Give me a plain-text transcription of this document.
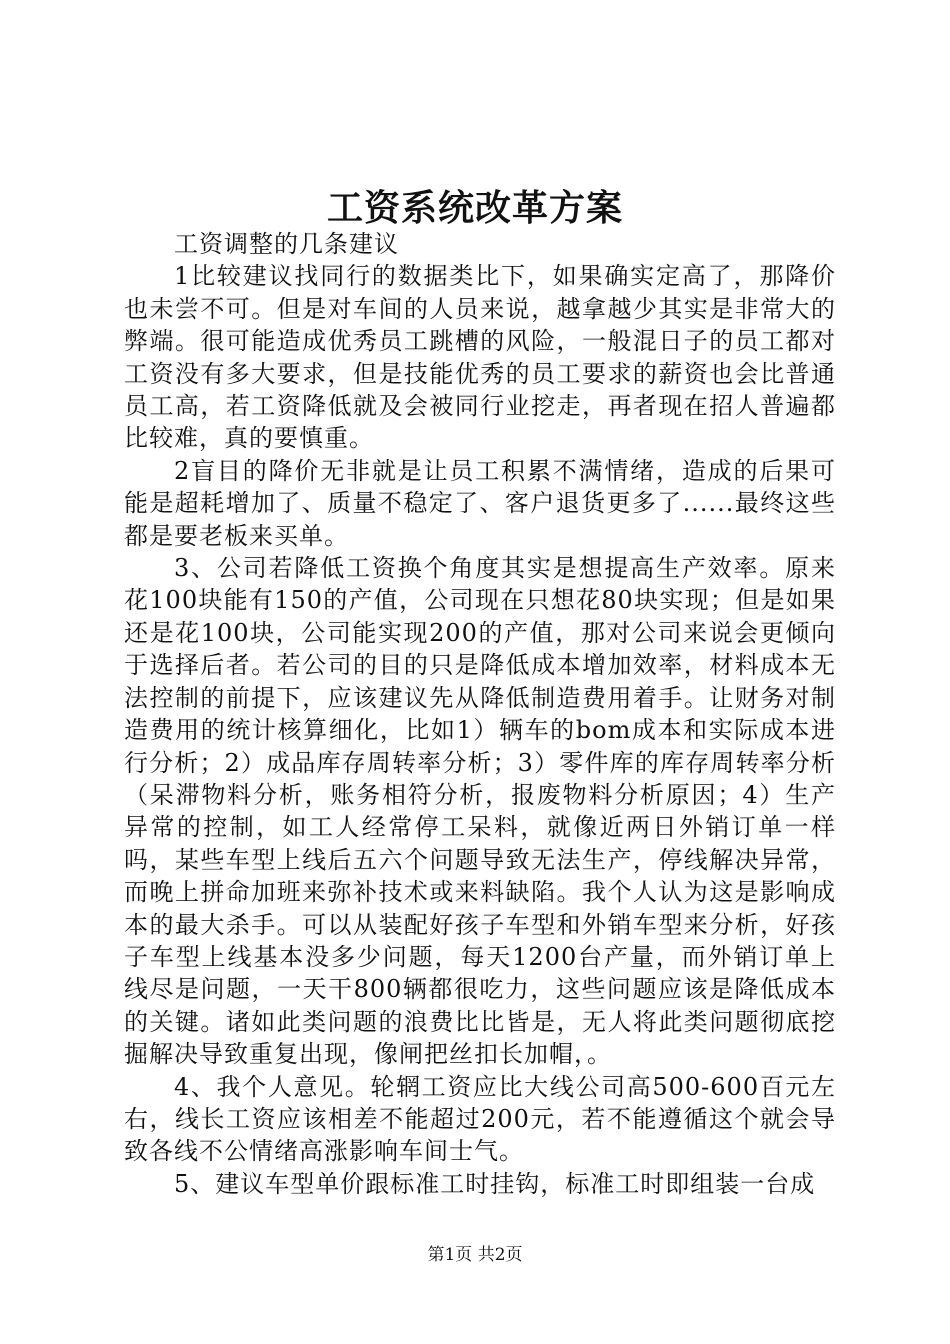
工资系统改革方案

工资调整的几条建议

1比较建议找同行的数据类比下，如果确实定高了，那降价也未尝不可。但是对车间的人员来说，越拿越少其实是非常大的弊端。很可能造成优秀员工跳槽的风险，一般混日子的员工都对工资没有多大要求，但是技能优秀的员工要求的薪资也会比普通员工高，若工资降低就及会被同行业挖走，再者现在招人普遍都比较难，真的要慎重。

2盲目的降价无非就是让员工积累不满情绪，造成的后果可能是超耗增加了、质量不稳定了、客户退货更多了......最终这些都是要老板来买单。

3、公司若降低工资换个角度其实是想提高生产效率。原来花100块能有150的产值，公司现在只想花80块实现；但是如果还是花100块，公司能实现200的产值，那对公司来说会更倾向于选择后者。若公司的目的只是降低成本增加效率，材料成本无法控制的前提下，应该建议先从降低制造费用着手。让财务对制造费用的统计核算细化，比如1）辆车的bom成本和实际成本进行分析；2）成品库存周转率分析；3）零件库的库存周转率分析（呆滞物料分析，账务相符分析，报废物料分析原因；4）生产异常的控制，如工人经常停工呆料，就像近两日外销订单一样吗，某些车型上线后五六个问题导致无法生产，停线解决异常，而晚上拼命加班来弥补技术或来料缺陷。我个人认为这是影响成本的最大杀手。可以从装配好孩子车型和外销车型来分析，好孩子车型上线基本没多少问题，每天1200台产量，而外销订单上线尽是问题，一天干800辆都很吃力，这些问题应该是降低成本的关键。诸如此类问题的浪费比比皆是，无人将此类问题彻底挖掘解决导致重复出现，像闸把丝扣长加帽，。

4、我个人意见。轮辋工资应比大线公司高500-600百元左右，线长工资应该相差不能超过200元，若不能遵循这个就会导致各线不公情绪高涨影响车间士气。

5、建议车型单价跟标准工时挂钩，标准工时即组装一台成

第1页 共2页
